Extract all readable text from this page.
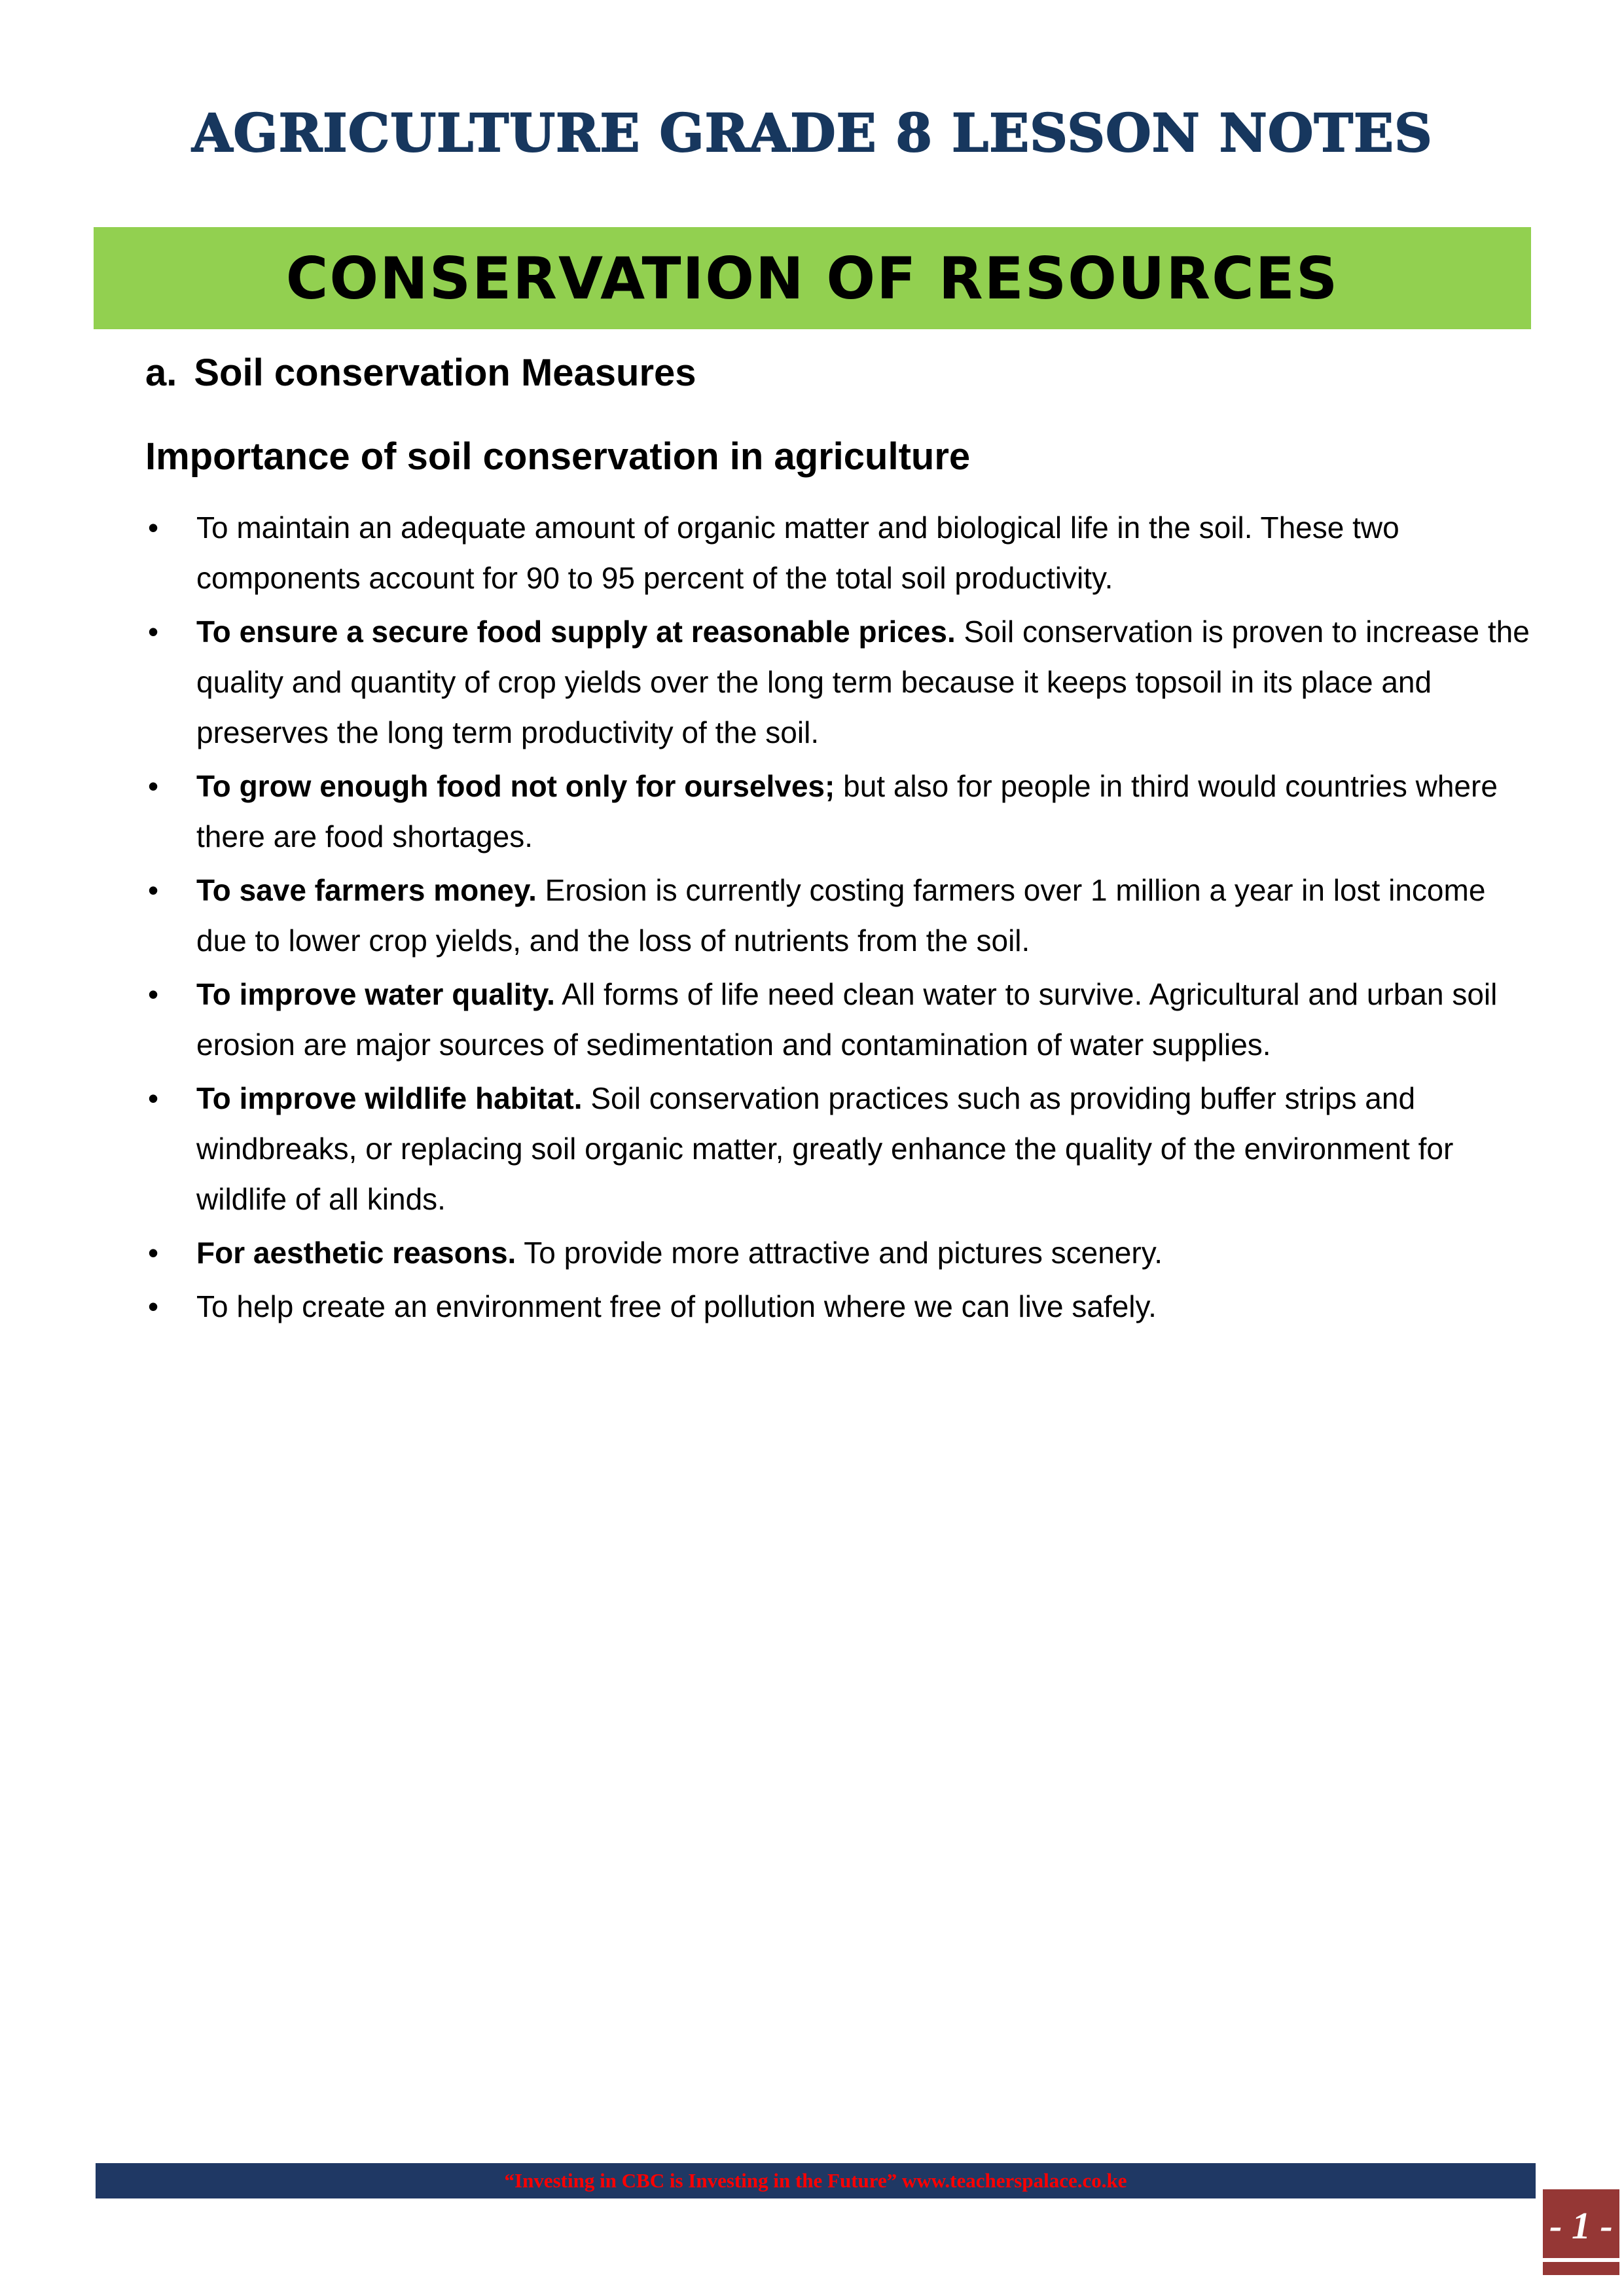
AGRICULTURE GRADE 8 LESSON NOTES
CONSERVATION OF RESOURCES
a. Soil conservation Measures
Importance of soil conservation in agriculture
• To maintain an adequate amount of organic matter and biological life in the soil. These two components account for 90 to 95 percent of the total soil productivity.
• To ensure a secure food supply at reasonable prices. Soil conservation is proven to increase the quality and quantity of crop yields over the long term because it keeps topsoil in its place and preserves the long term productivity of the soil.
• To grow enough food not only for ourselves; but also for people in third would countries where there are food shortages.
• To save farmers money. Erosion is currently costing farmers over 1 million a year in lost income due to lower crop yields, and the loss of nutrients from the soil.
• To improve water quality. All forms of life need clean water to survive. Agricultural and urban soil erosion are major sources of sedimentation and contamination of water supplies.
• To improve wildlife habitat. Soil conservation practices such as providing buffer strips and windbreaks, or replacing soil organic matter, greatly enhance the quality of the environment for wildlife of all kinds.
• For aesthetic reasons. To provide more attractive and pictures scenery.
• To help create an environment free of pollution where we can live safely.
“Investing in CBC is Investing in the Future” www.teacherspalace.co.ke
- 1 -
